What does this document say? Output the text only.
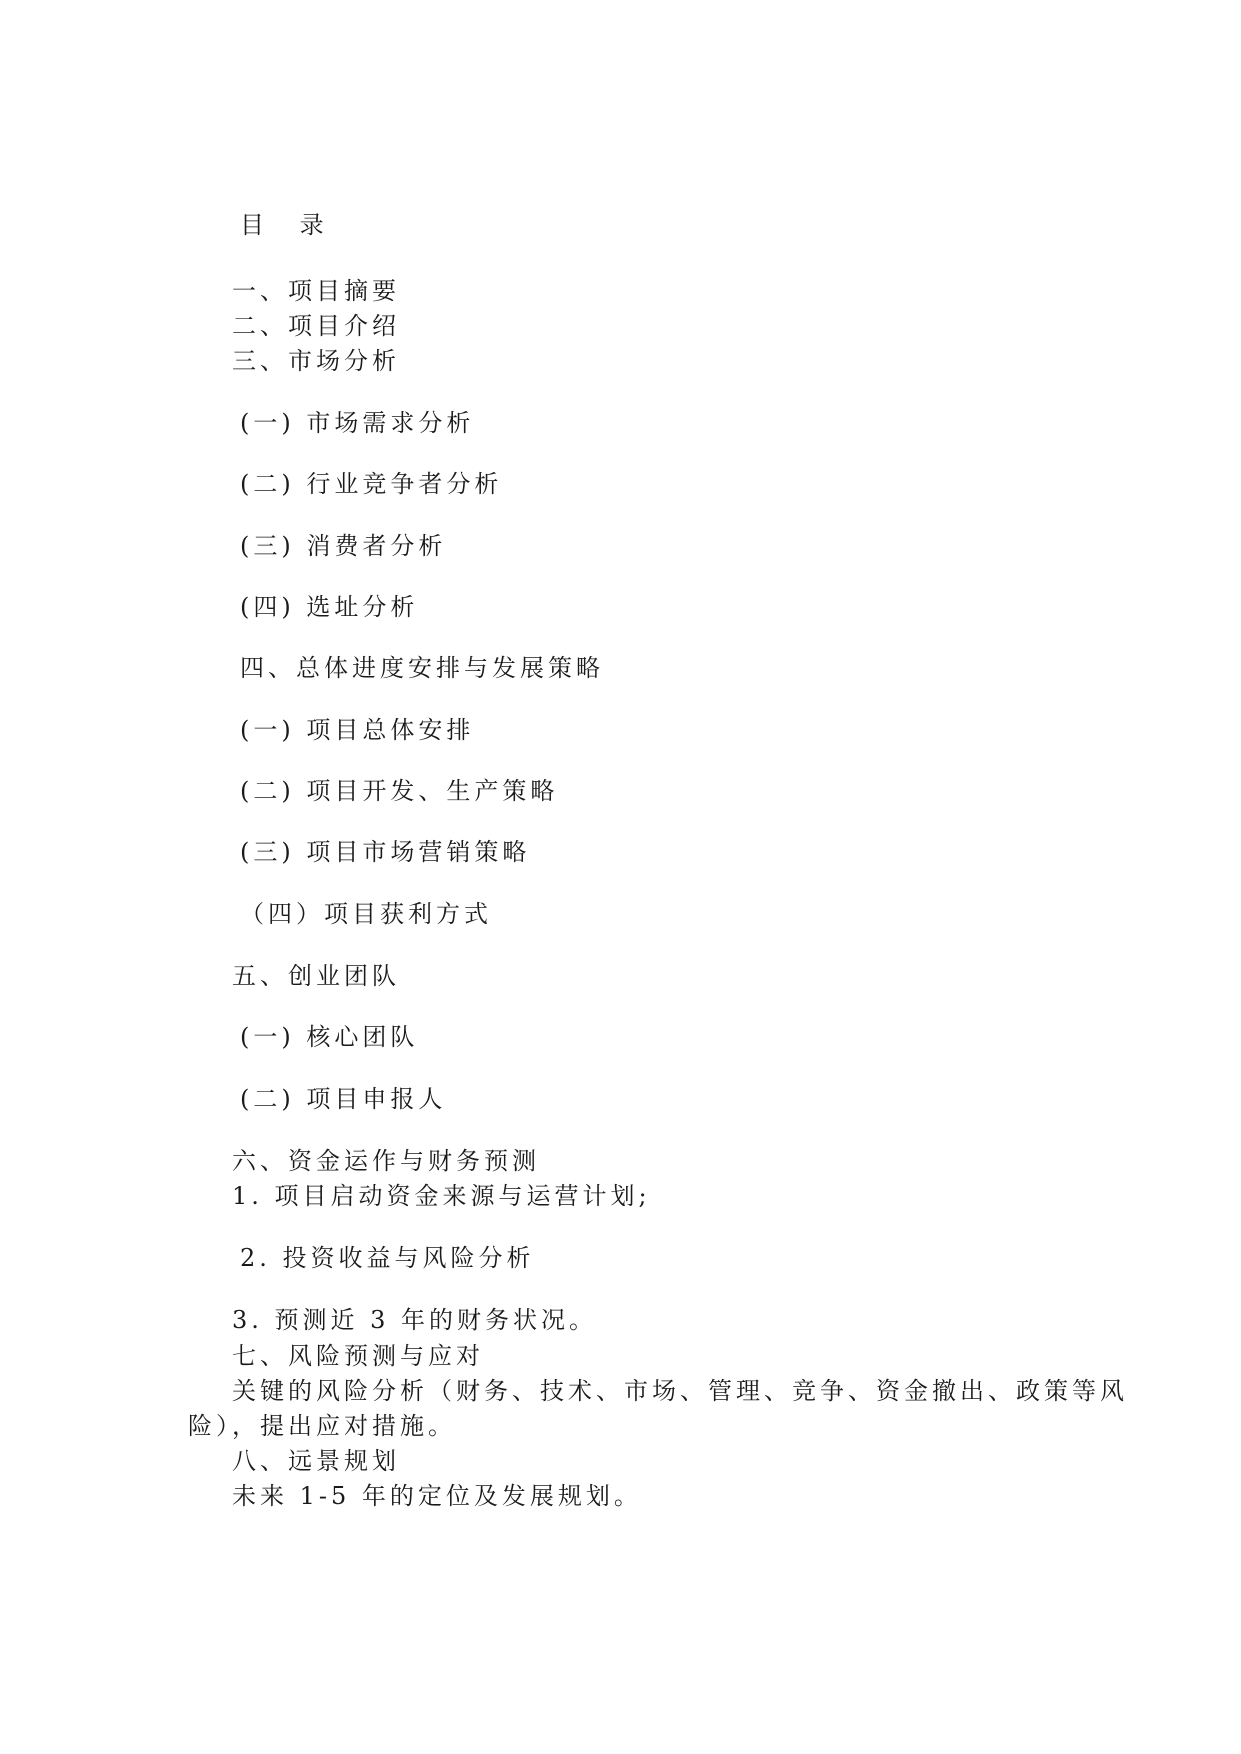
目 录
一、项目摘要
二、项目介绍
三、市场分析
(一) 市场需求分析
(二) 行业竞争者分析
(三) 消费者分析
(四) 选址分析
四、总体进度安排与发展策略
(一) 项目总体安排
(二) 项目开发、生产策略
(三) 项目市场营销策略
（四）项目获利方式
五、创业团队
(一) 核心团队
(二) 项目申报人
六、资金运作与财务预测
1. 项目启动资金来源与运营计划;
2. 投资收益与风险分析
3. 预测近 3 年的财务状况。
七、风险预测与应对
关键的风险分析（财务、技术、市场、管理、竞争、资金撤出、政策等风
险），提出应对措施。
八、远景规划
未来 1-5 年的定位及发展规划。
